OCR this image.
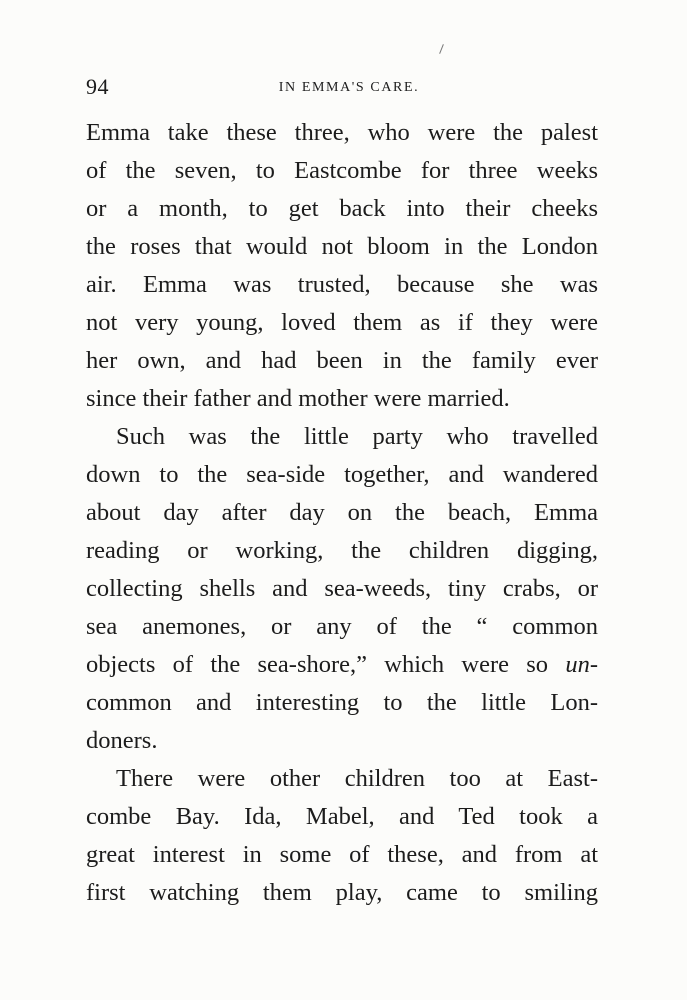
94	IN EMMA'S CARE.
Emma take these three, who were the palest
of the seven, to Eastcombe for three weeks
or a month, to get back into their cheeks
the roses that would not bloom in the London
air. Emma was trusted, because she was
not very young, loved them as if they were
her own, and had been in the family ever
since their father and mother were married.
Such was the little party who travelled
down to the sea-side together, and wandered
about day after day on the beach, Emma
reading or working, the children digging,
collecting shells and sea-weeds, tiny crabs, or
sea anemones, or any of the “ common
objects of the sea-shore,” which were so un-
common and interesting to the little Lon-
doners.
There were other children too at East-
combe Bay. Ida, Mabel, and Ted took a
great interest in some of these, and from at
first watching them play, came to smiling
